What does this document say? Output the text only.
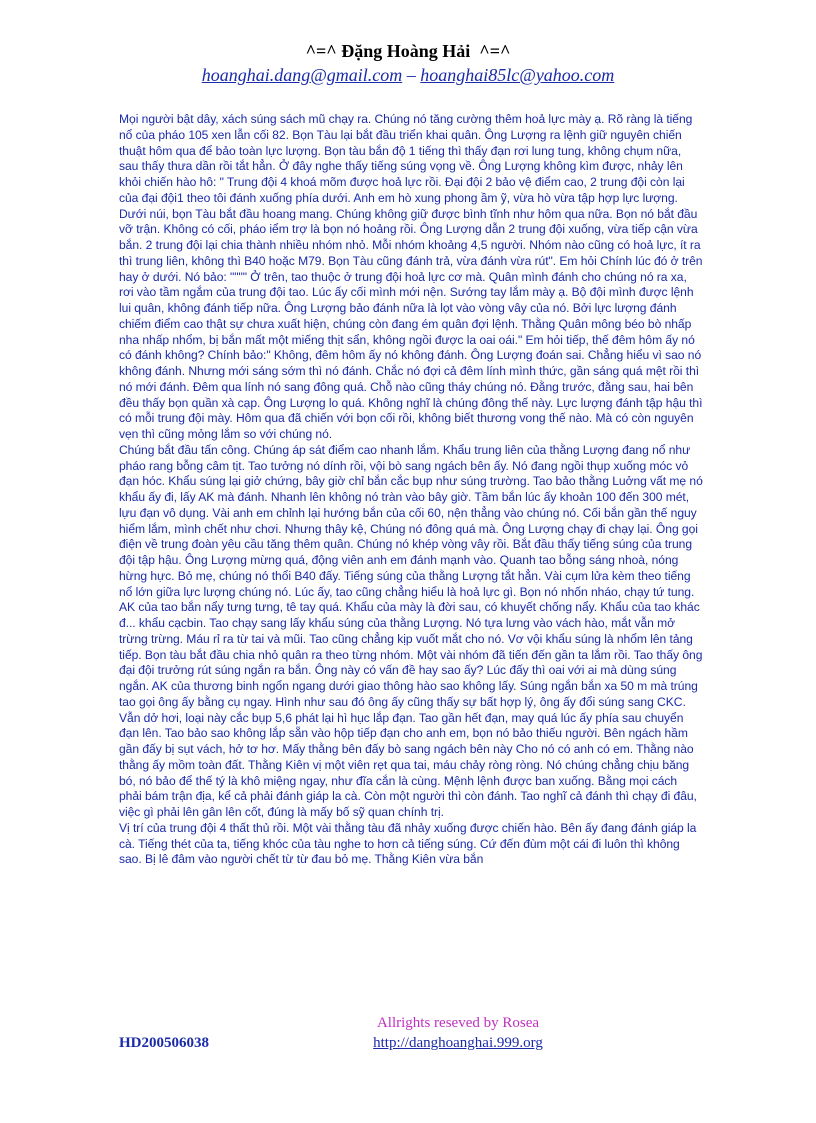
^=^ Đặng Hoàng Hải  ^=^
hoanghai.dang@gmail.com – hoanghai85lc@yahoo.com

Mọi người bật dây, xách súng sách mũ chạy ra. Chúng nó tăng cường thêm hoả lực mày ạ. Rõ ràng là tiếng nổ của pháo 105 xen lẫn cối 82. Bọn Tàu lại bắt đầu triển khai quân. Ông Lượng ra lệnh giữ nguyên chiến thuật hôm qua để bảo toàn lực lượng. Bọn tàu bắn độ 1 tiếng thì thấy đạn rơi lung tung, không chụm nữa, sau thấy thưa dần rồi tắt hẳn. Ở đây nghe thấy tiếng súng vọng về. Ông Lượng không kìm được, nhảy lên khỏi chiến hào hô: " Trung đội 4 khoá mõm được hoả lực rồi. Đại đội 2 bảo vệ điểm cao, 2 trung đội còn lại của đại đội1 theo tôi đánh xuống phía dưới. Anh em hò xung phong ầm ỹ, vừa hò vừa tập hợp lực lượng. Dưới núi, bọn Tàu bắt đầu hoang mang. Chúng không giữ được bình tĩnh như hôm qua nữa. Bọn nó bắt đầu vỡ trận. Không có cối, pháo iểm trợ là bọn nó hoảng rồi. Ông Lượng dẫn 2 trung đội xuống, vừa tiếp cận vừa bắn. 2 trung đội lại chia thành nhiều nhóm nhỏ. Mỗi nhóm khoảng 4,5 người. Nhóm nào cũng có hoả lực, ít ra thì trung liên, không thì B40 hoặc M79. Bọn Tàu cũng đánh trả, vừa đánh vừa rút". Em hỏi Chính lúc đó ở trên hay ở dưới. Nó bảo: """" Ở trên, tao thuộc ở trung đội hoả lực cơ mà. Quân mình đánh cho chúng nó ra xa, rơi vào tầm ngắm của trung đội tao. Lúc ấy cối mình mới nện. Sướng tay lắm mày ạ. Bộ đội mình được lệnh lui quân, không đánh tiếp nữa. Ông Lượng bảo đánh nữa là lọt vào vòng vây của nó. Bởi lực lượng đánh chiếm điểm cao thật sự chưa xuất hiện, chúng còn đang ém quân đợi lệnh. Thằng Quân mông béo bò nhấp nha nhấp nhổm, bị bắn mất một miếng thịt sẩn, không ngồi được la oai oái." Em hỏi tiếp, thế đêm hôm ấy nó có đánh không? Chính bảo:" Không, đêm hôm ấy nó không đánh. Ông Lượng đoán sai. Chẳng hiểu vì sao nó không đánh. Nhưng mới sáng sớm thì nó đánh. Chắc nó đợi cả đêm lính mình thức, gần sáng quá mệt rồi thì nó mới đánh. Đêm qua lính nó sang đông quá. Chỗ nào cũng tháy chúng nó. Đằng trước, đằng sau, hai bên đều thấy bọn quần xà cạp. Ông Lượng lo quá. Không nghĩ là chúng đông thế này. Lực lượng đánh tập hậu thì có mỗi trung đội mày. Hôm qua đã chiến với bọn cối rồi, không biết thương vong thế nào. Mà có còn nguyên vẹn thì cũng mỏng lắm so với chúng nó.

Chúng bắt đầu tấn công. Chúng áp sát điểm cao nhanh lắm. Khẩu trung liên của thằng Lượng đang nổ như pháo rang bỗng câm tịt. Tao tưởng nó dính rồi, vội bò sang ngách bên ấy. Nó đang ngồi thụp xuống móc vỏ đạn hóc. Khẩu súng lại giở chứng, bây giờ chỉ bắn cắc bụp như súng trường. Tao bảo thằng Luởng vất mẹ nó khẩu ấy đi, lấy AK mà đánh. Nhanh lên không nó tràn vào bây giờ. Tầm bắn lúc ấy khoản 100 đến 300 mét, lựu đạn vô dụng. Vài anh em chỉnh lại hướng bắn của cối 60, nện thẳng vào chúng nó. Cối bắn gần thế nguy hiểm lắm, mình chết như chơi. Nhưng thây kệ, Chúng nó đông quá mà. Ông Lượng chạy đi chạy lại. Ông gọi điện về trung đoàn yêu cầu tăng thêm quân. Chúng nó khép vòng vây rồi. Bắt đầu thấy tiếng súng của trung đội tập hậu. Ông Lượng mừng quá, động viên anh em đánh mạnh vào. Quanh tao bỗng sáng nhoà, nóng hừng hực. Bỏ mẹ, chúng nó thổi B40 đấy. Tiếng súng của thằng Lượng tắt hẳn. Vài cụm lửa kèm theo tiếng nổ lớn giữa lực lượng chúng nó. Lúc ấy, tao cũng chẳng hiểu là hoả lực gì. Bọn nó nhốn nháo, chạy tứ tung. AK của tao bắn nẩy tưng tưng, tê tay quá. Khẩu của mày là đời sau, có khuyết chống nẩy. Khẩu của tao khác đ... khẩu cạcbin. Tao chạy sang lấy khẩu súng của thằng Lượng. Nó tựa lưng vào vách hào, mắt vẫn mở trừng trừng. Máu rỉ ra từ tai và mũi. Tao cũng chẳng kịp vuốt mắt cho nó. Vơ vội khẩu súng là nhổm lên tảng tiếp. Bọn tàu bắt đầu chia nhỏ quân ra theo từng nhóm. Một vài nhóm đã tiến đến gần ta lắm rồi. Tao thấy ông đại đội trưởng rút súng ngắn ra bắn. Ông này có vấn đề hay sao ấy? Lúc đấy thì oai với ai mà dùng súng ngắn. AK của thương binh ngổn ngang dưới giao thông hào sao không lấy. Súng ngắn bắn xa 50 m mà trúng tao gọi ông ấy bằng cụ ngay. Hình như sau đó ông ấy cũng thấy sự bất hợp lý, ông ấy đổi súng sang CKC. Vẫn dở hơi, loại này cắc bụp 5,6 phát lại hì hục lắp đạn. Tao gần hết đạn, may quá lúc ấy phía sau chuyển đạn lên. Tao bảo sao không lắp sẵn vào hộp tiếp đạn cho anh em, bọn nó bảo thiếu người. Bên ngách hầm gần đấy bị sụt vách, hở tơ hơ. Mấy thằng bên đấy bò sang ngách bên này Cho nó có anh có em. Thằng nào thằng ấy mồm toàn đất. Thằng Kiên vị một viên rẹt qua tai, máu chảy ròng ròng. Nó chúng chẳng chịu băng bó, nó bảo để thế tý là khô miệng ngay, như đĩa cắn là cùng. Mệnh lệnh được ban xuống. Bằng mọi cách phải bám trận địa, kể cả phải đánh giáp la cà. Còn một người thì còn đánh. Tao nghĩ cả đánh thì chạy đi đâu, việc gì phải lên gân lên cốt, đúng là mấy bố sỹ quan chính trị.

Vị trí của trung đội 4 thất thủ rồi. Một vài thằng tàu đã nhảy xuống được chiến hào. Bên ấy đang đánh giáp la cà. Tiếng thét của ta, tiếng khóc của tàu nghe to hơn cả tiếng súng. Cứ đến đùm một cái đi luôn thì không sao. Bị lê đâm vào người chết từ từ đau bỏ mẹ. Thằng Kiên vừa bắn

Allrights reseved by Rosea
HD200506038	http://danghoanghai.999.org
